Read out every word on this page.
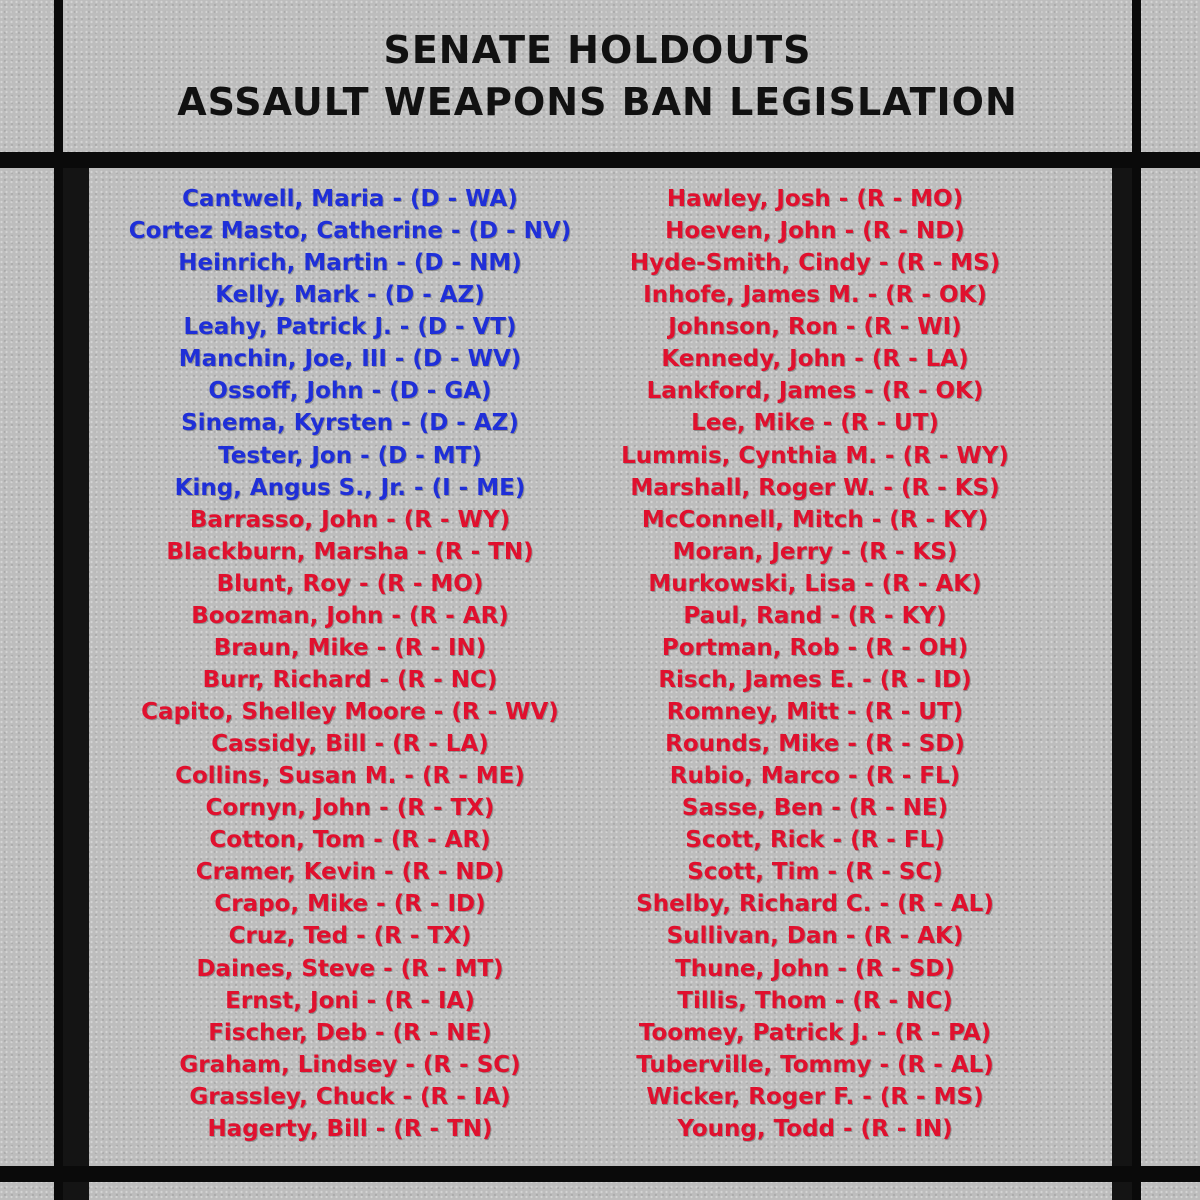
SENATE HOLDOUTS
ASSAULT WEAPONS BAN LEGISLATION
Cantwell, Maria - (D - WA)
Cortez Masto, Catherine - (D - NV)
Heinrich, Martin - (D - NM)
Kelly, Mark - (D - AZ)
Leahy, Patrick J. - (D - VT)
Manchin, Joe, III - (D - WV)
Ossoff, John - (D - GA)
Sinema, Kyrsten - (D - AZ)
Tester, Jon - (D - MT)
King, Angus S., Jr. - (I - ME)
Barrasso, John - (R - WY)
Blackburn, Marsha - (R - TN)
Blunt, Roy - (R - MO)
Boozman, John - (R - AR)
Braun, Mike - (R - IN)
Burr, Richard - (R - NC)
Capito, Shelley Moore - (R - WV)
Cassidy, Bill - (R - LA)
Collins, Susan M. - (R - ME)
Cornyn, John - (R - TX)
Cotton, Tom - (R - AR)
Cramer, Kevin - (R - ND)
Crapo, Mike - (R - ID)
Cruz, Ted - (R - TX)
Daines, Steve - (R - MT)
Ernst, Joni - (R - IA)
Fischer, Deb - (R - NE)
Graham, Lindsey - (R - SC)
Grassley, Chuck - (R - IA)
Hagerty, Bill - (R - TN)
Hawley, Josh - (R - MO)
Hoeven, John - (R - ND)
Hyde-Smith, Cindy - (R - MS)
Inhofe, James M. - (R - OK)
Johnson, Ron - (R - WI)
Kennedy, John - (R - LA)
Lankford, James - (R - OK)
Lee, Mike - (R - UT)
Lummis, Cynthia M. - (R - WY)
Marshall, Roger W. - (R - KS)
McConnell, Mitch - (R - KY)
Moran, Jerry - (R - KS)
Murkowski, Lisa - (R - AK)
Paul, Rand - (R - KY)
Portman, Rob - (R - OH)
Risch, James E. - (R - ID)
Romney, Mitt - (R - UT)
Rounds, Mike - (R - SD)
Rubio, Marco - (R - FL)
Sasse, Ben - (R - NE)
Scott, Rick - (R - FL)
Scott, Tim - (R - SC)
Shelby, Richard C. - (R - AL)
Sullivan, Dan - (R - AK)
Thune, John - (R - SD)
Tillis, Thom - (R - NC)
Toomey, Patrick J. - (R - PA)
Tuberville, Tommy - (R - AL)
Wicker, Roger F. - (R - MS)
Young, Todd - (R - IN)
